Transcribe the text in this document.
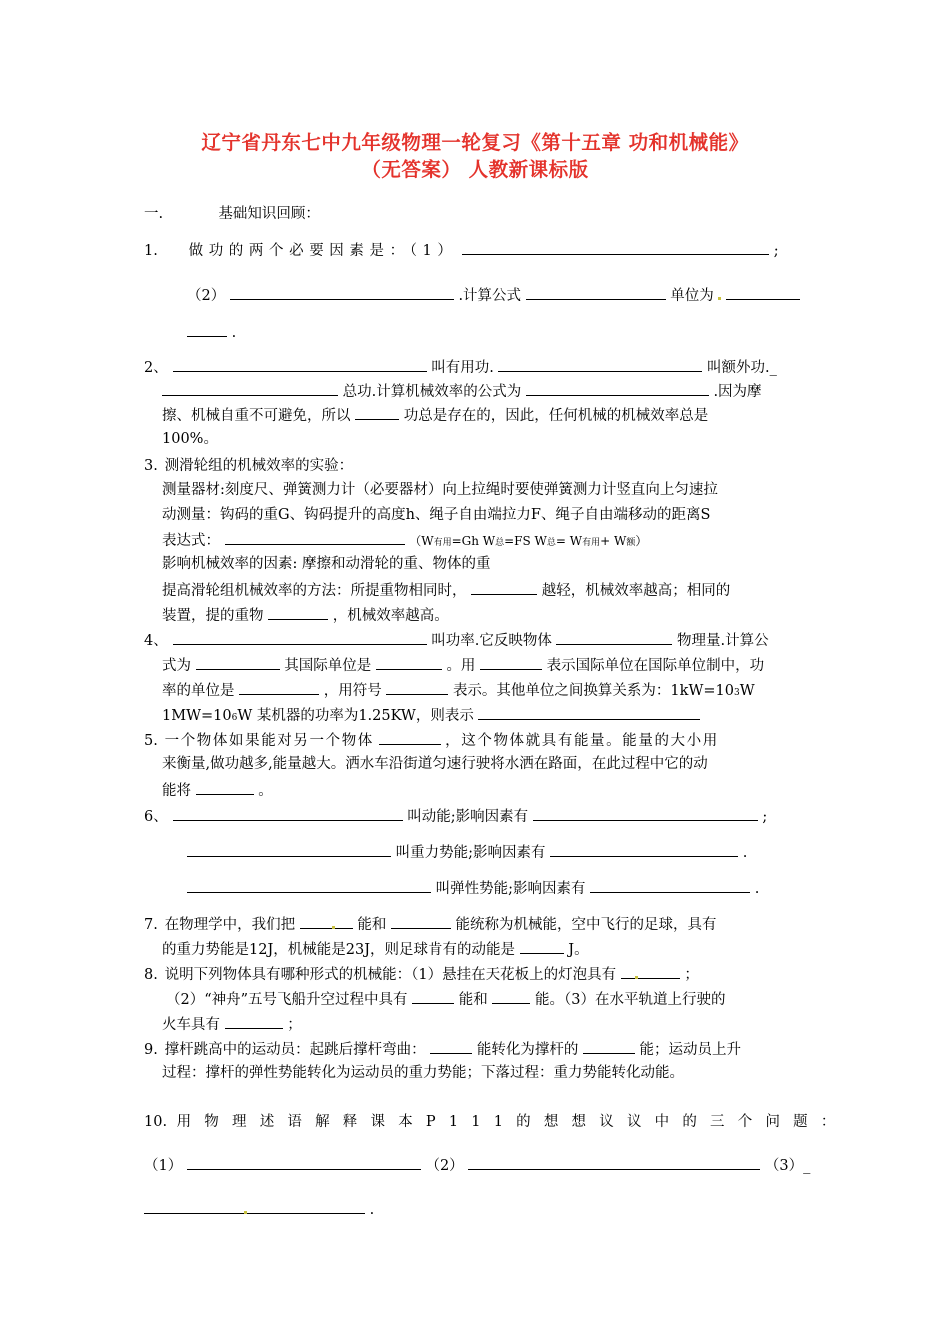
辽宁省丹东七中九年级物理一轮复习《第十五章 功和机械能》
（无答案） 人教新课标版
一.	基础知识回顾：
1. 做功的两个必要因素是：（1）	;
（2）	.计算公式	单位为
.
2、	叫有用功.	叫额外功._
总功.计算机械效率的公式为	.因为摩
擦、机械自重不可避免，所以	功总是存在的，因此，任何机械的机械效率总是
100%。
3. 测滑轮组的机械效率的实验：
测量器材:刻度尺、弹簧测力计（必要器材）向上拉绳时要使弹簧测力计竖直向上匀速拉
动测量：钩码的重G、钩码提升的高度h、绳子自由端拉力F、绳子自由端移动的距离S
表达式：	（W有用=Gh W总=FS W总= W有用+ W额）
影响机械效率的因素: 摩擦和动滑轮的重、物体的重
提高滑轮组机械效率的方法：所提重物相同时，	越轻，机械效率越高；相同的
装置，提的重物	，机械效率越高。
4、	叫功率.它反映物体	物理量.计算公
式为	其国际单位是	。用	表示国际单位在国际单位制中，功
率的单位是	，用符号	表示。其他单位之间换算关系为：1kW=103W
1MW=106W 某机器的功率为1.25KW，则表示
5. 一个物体如果能对另一个物体	，这个物体就具有能量。能量的大小用
来衡量,做功越多,能量越大。洒水车沿街道匀速行驶将水洒在路面，在此过程中它的动
能将	。
6、	叫动能;影响因素有	;
叫重力势能;影响因素有	.
叫弹性势能;影响因素有	.
7. 在物理学中，我们把	能和	能统称为机械能，空中飞行的足球，具有
的重力势能是12J，机械能是23J，则足球肯有的动能是	J。
8. 说明下列物体具有哪种形式的机械能：（1）悬挂在天花板上的灯泡具有	；
（2）“神舟”五号飞船升空过程中具有	能和	能。（3）在水平轨道上行驶的
火车具有	；
9. 撑杆跳高中的运动员：起跳后撑杆弯曲：	能转化为撑杆的	能；运动员上升
过程：撑杆的弹性势能转化为运动员的重力势能；下落过程：重力势能转化动能。
10. 用物理述语解释课本P111的想想议议中的三个问题：
（1）	（2）	（3）_
.
